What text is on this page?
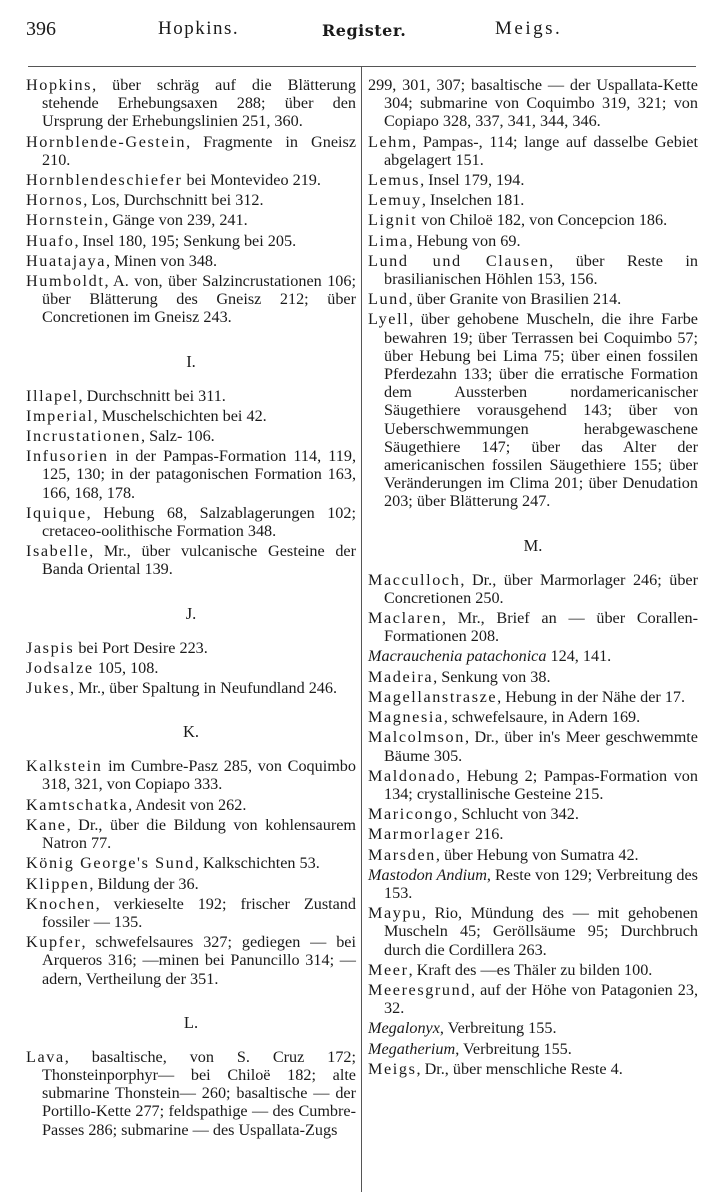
396	Hopkins.	Register.	Meigs.
Hopkins, über schräg auf die Blätterung stehende Erhebungsaxen 288; über den Ursprung der Erhebungslinien 251, 360.
Hornblende-Gestein, Fragmente in Gneisz 210.
Hornblendeschiefer bei Montevideo 219.
Hornos, Los, Durchschnitt bei 312.
Hornstein, Gänge von 239, 241.
Huafo, Insel 180, 195; Senkung bei 205.
Huatajaya, Minen von 348.
Humboldt, A. von, über Salzincrustationen 106; über Blätterung des Gneisz 212; über Concretionen im Gneisz 243.
I.
Illapel, Durchschnitt bei 311.
Imperial, Muschelschichten bei 42.
Incrustationen, Salz- 106.
Infusorien in der Pampas-Formation 114, 119, 125, 130; in der patagonischen Formation 163, 166, 168, 178.
Iquique, Hebung 68, Salzablagerungen 102; cretaceo-oolithische Formation 348.
Isabelle, Mr., über vulcanische Gesteine der Banda Oriental 139.
J.
Jaspis bei Port Desire 223.
Jodsalze 105, 108.
Jukes, Mr., über Spaltung in Neufundland 246.
K.
Kalkstein im Cumbre-Pasz 285, von Coquimbo 318, 321, von Copiapo 333.
Kamtschatka, Andesit von 262.
Kane, Dr., über die Bildung von kohlensaurem Natron 77.
König George's Sund, Kalkschichten 53.
Klippen, Bildung der 36.
Knochen, verkieselte 192; frischer Zustand fossiler — 135.
Kupfer, schwefelsaures 327; gediegen — bei Arqueros 316; —minen bei Panuncillo 314; —adern, Vertheilung der 351.
L.
Lava, basaltische, von S. Cruz 172; Thonsteinporphyr— bei Chiloë 182; alte submarine Thonstein— 260; basaltische — der Portillo-Kette 277; feldspathige — des Cumbre-Passes 286; submarine — des Uspallata-Zugs
299, 301, 307; basaltische — der Uspallata-Kette 304; submarine von Coquimbo 319, 321; von Copiapo 328, 337, 341, 344, 346.
Lehm, Pampas-, 114; lange auf dasselbe Gebiet abgelagert 151.
Lemus, Insel 179, 194.
Lemuy, Inselchen 181.
Lignit von Chiloë 182, von Concepcion 186.
Lima, Hebung von 69.
Lund und Clausen, über Reste in brasilianischen Höhlen 153, 156.
Lund, über Granite von Brasilien 214.
Lyell, über gehobene Muscheln, die ihre Farbe bewahren 19; über Terrassen bei Coquimbo 57; über Hebung bei Lima 75; über einen fossilen Pferdezahn 133; über die erratische Formation dem Aussterben nordamericanischer Säugethiere vorausgehend 143; über von Ueberschwemmungen herabgewaschene Säugethiere 147; über das Alter der americanischen fossilen Säugethiere 155; über Veränderungen im Clima 201; über Denudation 203; über Blätterung 247.
M.
Macculloch, Dr., über Marmorlager 246; über Concretionen 250.
Maclaren, Mr., Brief an — über Corallen-Formationen 208.
Macrauchenia patachonica 124, 141.
Madeira, Senkung von 38.
Magellanstrasze, Hebung in der Nähe der 17.
Magnesia, schwefelsaure, in Adern 169.
Malcolmson, Dr., über in's Meer geschwemmte Bäume 305.
Maldonado, Hebung 2; Pampas-Formation von 134; crystallinische Gesteine 215.
Maricongo, Schlucht von 342.
Marmorlager 216.
Marsden, über Hebung von Sumatra 42.
Mastodon Andium, Reste von 129; Verbreitung des 153.
Maypu, Rio, Mündung des — mit gehobenen Muscheln 45; Geröllsäume 95; Durchbruch durch die Cordillera 263.
Meer, Kraft des —es Thäler zu bilden 100.
Meeresgrund, auf der Höhe von Patagonien 23, 32.
Megalonyx, Verbreitung 155.
Megatherium, Verbreitung 155.
Meigs, Dr., über menschliche Reste 4.
